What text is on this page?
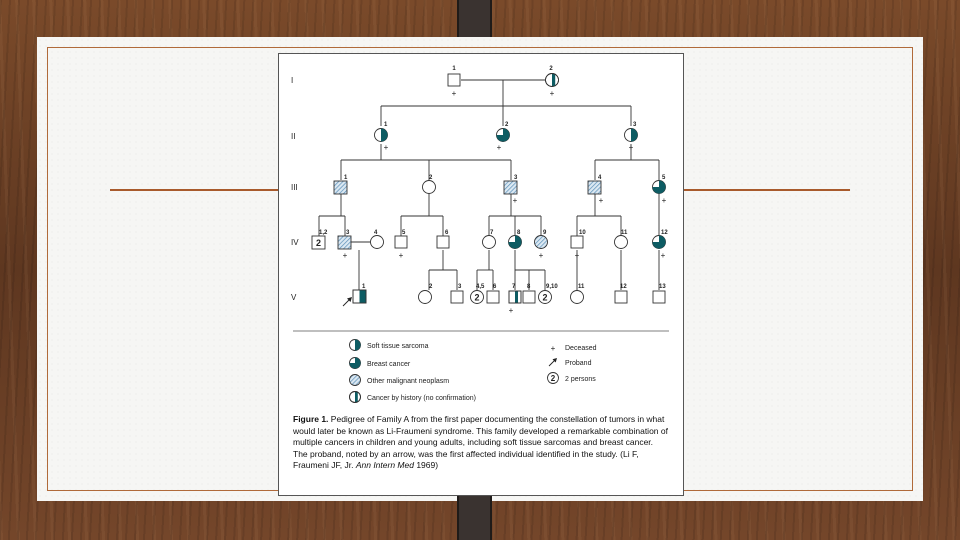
I
II
III
IV
V
2
2	2
1	2
1	2	3
1	2	3	4	5
1,2	3	4	5	6	7	8	9	10	11	12
1	2	3 4,5 6	7 8	9,10	11	12	13
+	+
+	+	+
+	+	+
+	+	+	+	+
+
Soft tissue sarcoma
Breast cancer
Other malignant neoplasm
Cancer by history (no confirmation)
+ Deceased
Proband
2 2 persons
Figure 1. Pedigree of Family A from the first paper documenting the constellation of tumors in what would later be known as Li-Fraumeni syndrome. This family developed a remarkable combination of multiple cancers in children and young adults, including soft tissue sarcomas and breast cancer. The proband, noted by an arrow, was the first affected individual identified in the study. (Li F, Fraumeni JF, Jr. Ann Intern Med 1969)
